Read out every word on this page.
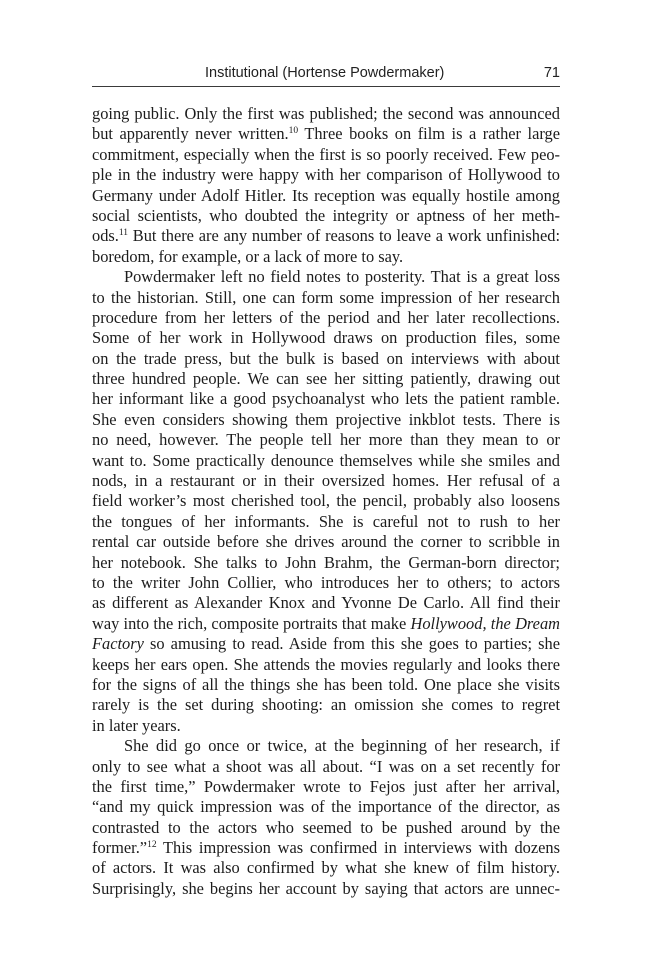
Institutional (Hortense Powdermaker)	71
going public. Only the first was published; the second was announced
but apparently never written.$^{10}$ Three books on film is a rather large
commitment, especially when the first is so poorly received. Few peo-
ple in the industry were happy with her comparison of Hollywood to
Germany under Adolf Hitler. Its reception was equally hostile among
social scientists, who doubted the integrity or aptness of her meth-
ods.$^{11}$ But there are any number of reasons to leave a work unfinished:
boredom, for example, or a lack of more to say.
Powdermaker left no field notes to posterity. That is a great loss
to the historian. Still, one can form some impression of her research
procedure from her letters of the period and her later recollections.
Some of her work in Hollywood draws on production files, some
on the trade press, but the bulk is based on interviews with about
three hundred people. We can see her sitting patiently, drawing out
her informant like a good psychoanalyst who lets the patient ramble.
She even considers showing them projective inkblot tests. There is
no need, however. The people tell her more than they mean to or
want to. Some practically denounce themselves while she smiles and
nods, in a restaurant or in their oversized homes. Her refusal of a
field worker’s most cherished tool, the pencil, probably also loosens
the tongues of her informants. She is careful not to rush to her
rental car outside before she drives around the corner to scribble in
her notebook. She talks to John Brahm, the German-born director;
to the writer John Collier, who introduces her to others; to actors
as different as Alexander Knox and Yvonne De Carlo. All find their
way into the rich, composite portraits that make Hollywood, the Dream
Factory so amusing to read. Aside from this she goes to parties; she
keeps her ears open. She attends the movies regularly and looks there
for the signs of all the things she has been told. One place she visits
rarely is the set during shooting: an omission she comes to regret
in later years.
She did go once or twice, at the beginning of her research, if
only to see what a shoot was all about. “I was on a set recently for
the first time,” Powdermaker wrote to Fejos just after her arrival,
“and my quick impression was of the importance of the director, as
contrasted to the actors who seemed to be pushed around by the
former.”$^{12}$ This impression was confirmed in interviews with dozens
of actors. It was also confirmed by what she knew of film history.
Surprisingly, she begins her account by saying that actors are unnec-
